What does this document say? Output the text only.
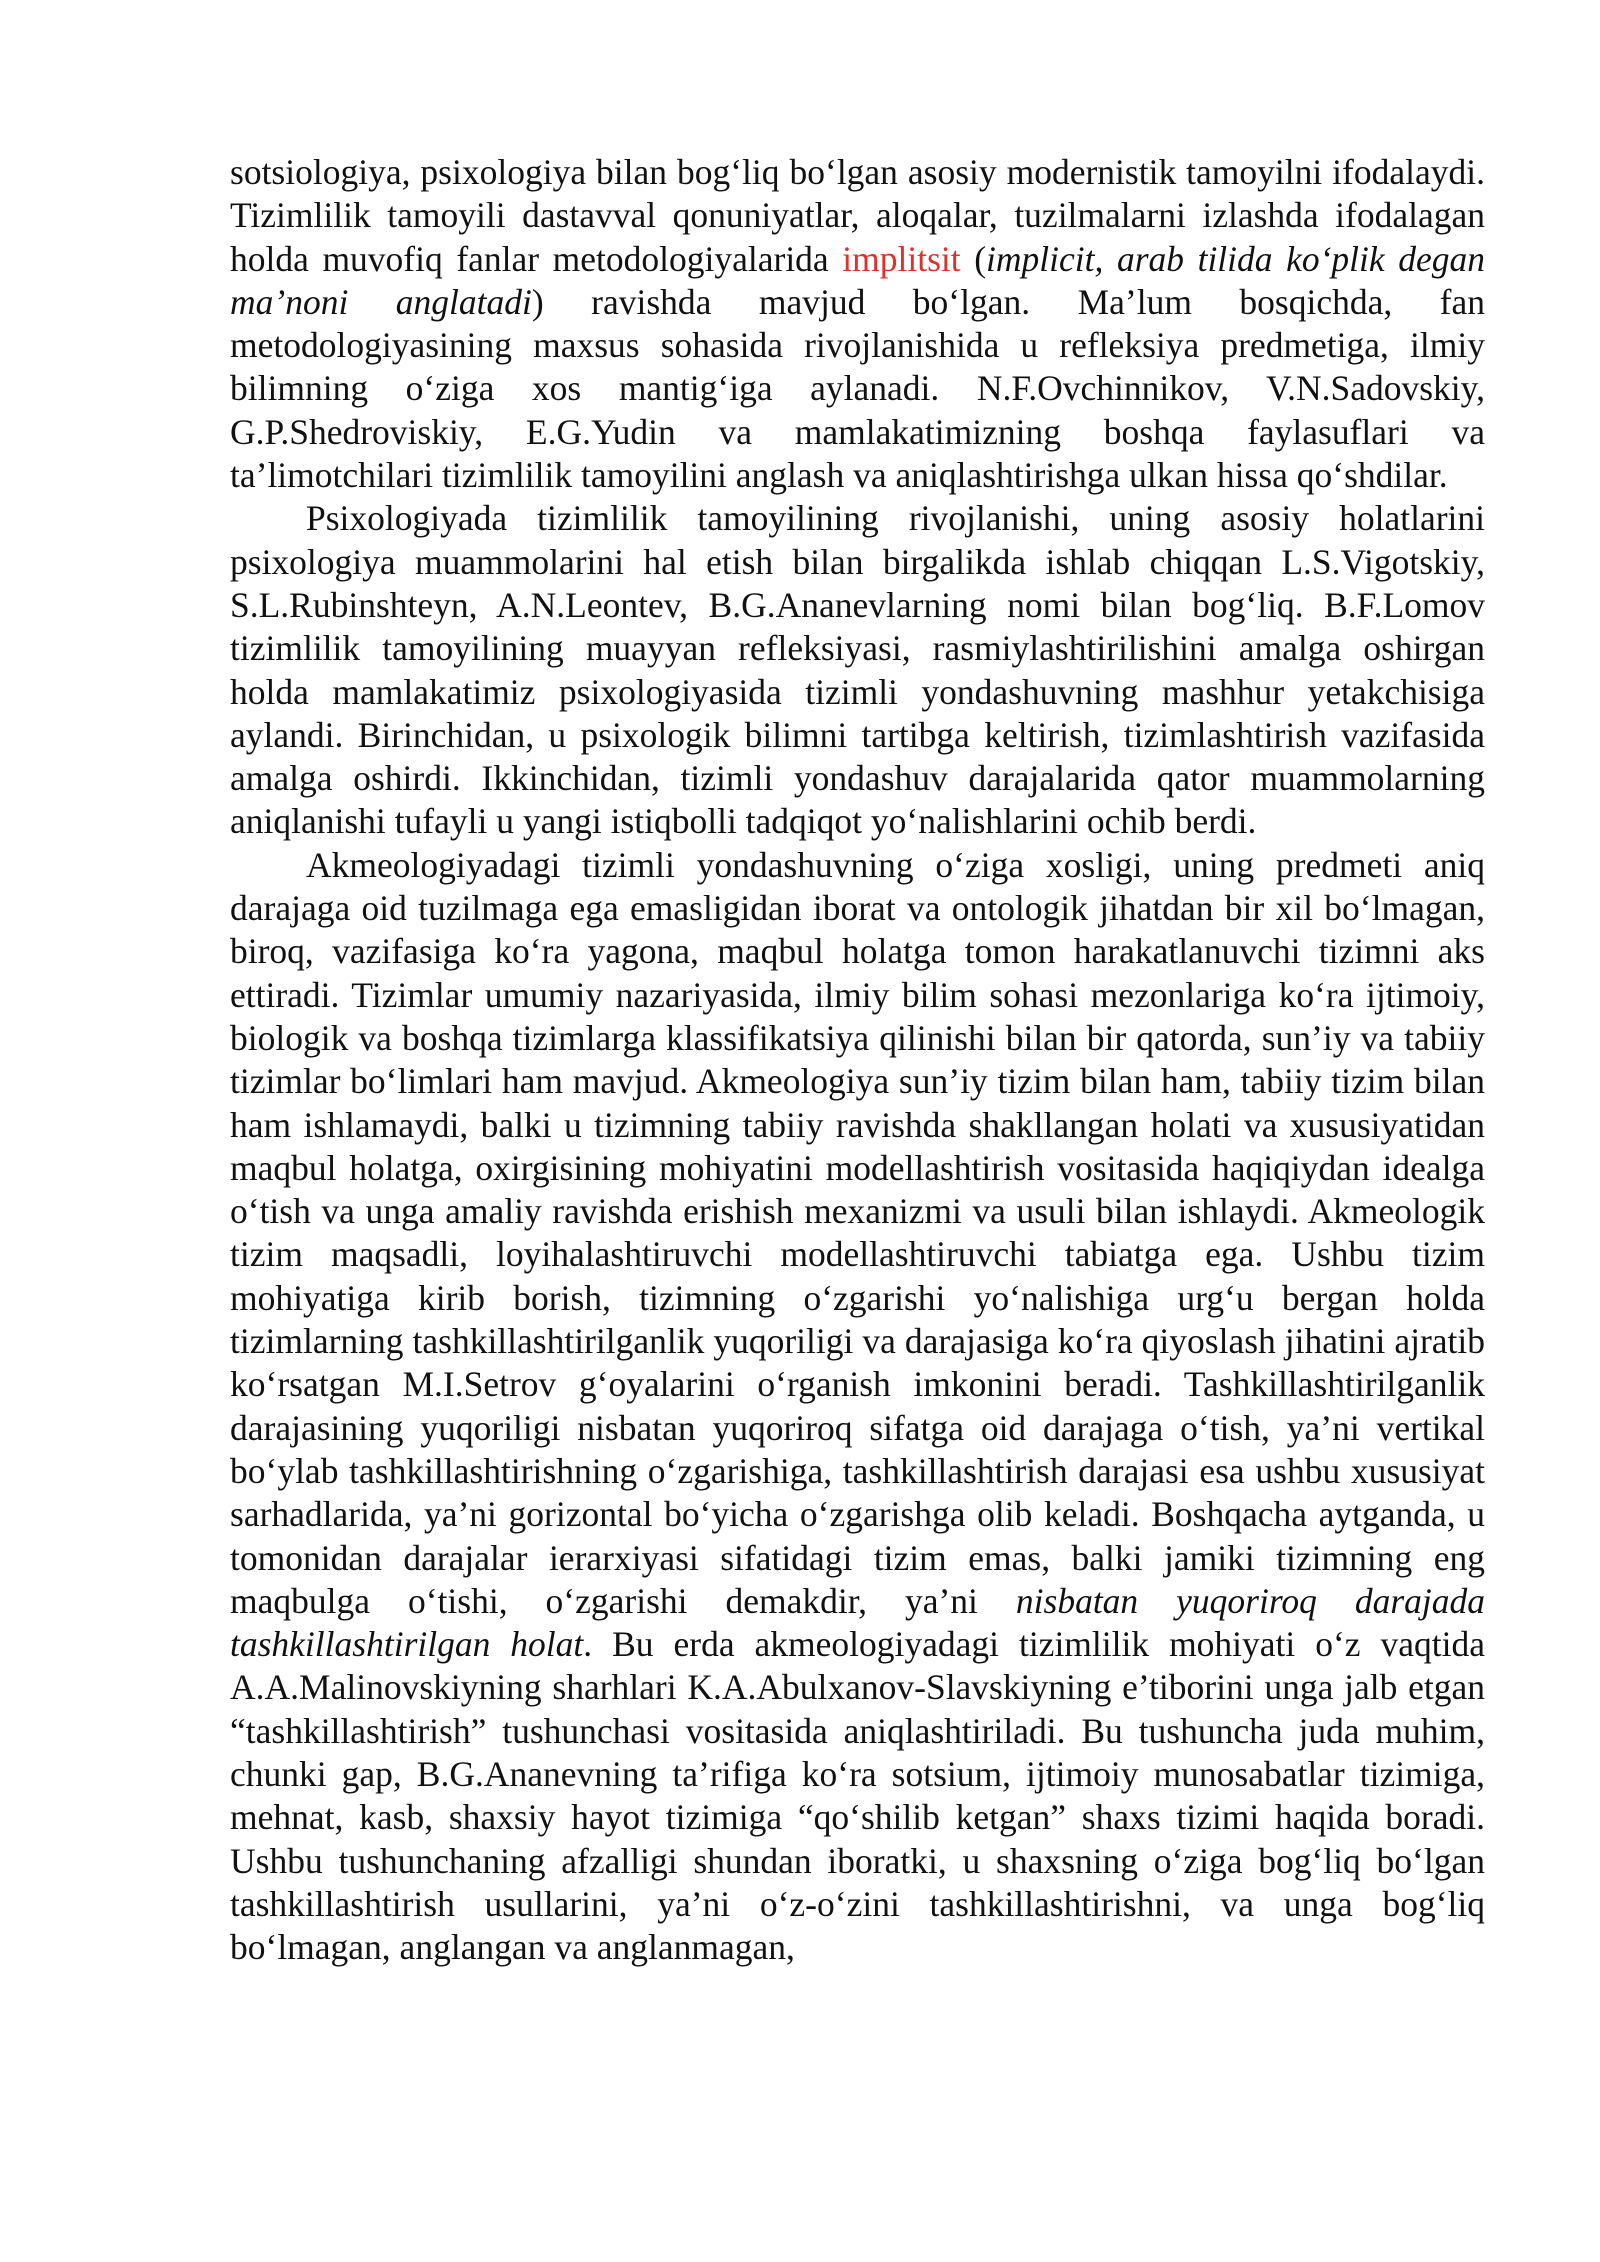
sotsiologiya, psixologiya bilan bog‘liq bo‘lgan asosiy modernistik tamoyilni ifodalaydi. Tizimlilik tamoyili dastavval qonuniyatlar, aloqalar, tuzilmalarni izlashda ifodalagan holda muvofiq fanlar metodologiyalarida implitsit (implicit, arab tilida ko‘plik degan ma’noni anglatadi) ravishda mavjud bo‘lgan. Ma’lum bosqichda, fan metodologiyasining maxsus sohasida rivojlanishida u refleksiya predmetiga, ilmiy bilimning o‘ziga xos mantig‘iga aylanadi. N.F.Ovchinnikov, V.N.Sadovskiy, G.P.Shedroviskiy, E.G.Yudin va mamlakatimizning boshqa faylasuflari va ta’limotchilari tizimlilik tamoyilini anglash va aniqlashtirishga ulkan hissa qo‘shdilar.

Psixologiyada tizimlilik tamoyilining rivojlanishi, uning asosiy holatlarini psixologiya muammolarini hal etish bilan birgalikda ishlab chiqqan L.S.Vigotskiy, S.L.Rubinshteyn, A.N.Leontev, B.G.Ananevlarning nomi bilan bog‘liq. B.F.Lomov tizimlilik tamoyilining muayyan refleksiyasi, rasmiylashtirilishini amalga oshirgan holda mamlakatimiz psixologiyasida tizimli yondashuvning mashhur yetakchisiga aylandi. Birinchidan, u psixologik bilimni tartibga keltirish, tizimlashtirish vazifasida amalga oshirdi. Ikkinchidan, tizimli yondashuv darajalarida qator muammolarning aniqlanishi tufayli u yangi istiqbolli tadqiqot yo‘nalishlarini ochib berdi.

Akmeologiyadagi tizimli yondashuvning o‘ziga xosligi, uning predmeti aniq darajaga oid tuzilmaga ega emasligidan iborat va ontologik jihatdan bir xil bo‘lmagan, biroq, vazifasiga ko‘ra yagona, maqbul holatga tomon harakatlanuvchi tizimni aks ettiradi. Tizimlar umumiy nazariyasida, ilmiy bilim sohasi mezonlariga ko‘ra ijtimoiy, biologik va boshqa tizimlarga klassifikatsiya qilinishi bilan bir qatorda, sun’iy va tabiiy tizimlar bo‘limlari ham mavjud. Akmeologiya sun’iy tizim bilan ham, tabiiy tizim bilan ham ishlamaydi, balki u tizimning tabiiy ravishda shakllangan holati va xususiyatidan maqbul holatga, oxirgisining mohiyatini modellashtirish vositasida haqiqiydan idealga o‘tish va unga amaliy ravishda erishish mexanizmi va usuli bilan ishlaydi. Akmeologik tizim maqsadli, loyihalashtiruvchi modellashtiruvchi tabiatga ega. Ushbu tizim mohiyatiga kirib borish, tizimning o‘zgarishi yo‘nalishiga urg‘u bergan holda tizimlarning tashkillashtirilganlik yuqoriligi va darajasiga ko‘ra qiyoslash jihatini ajratib ko‘rsatgan M.I.Setrov g‘oyalarini o‘rganish imkonini beradi. Tashkillashtirilganlik darajasining yuqoriligi nisbatan yuqoriroq sifatga oid darajaga o‘tish, ya’ni vertikal bo‘ylab tashkillashtirishning o‘zgarishiga, tashkillashtirish darajasi esa ushbu xususiyat sarhadlarida, ya’ni gorizontal bo‘yicha o‘zgarishga olib keladi. Boshqacha aytganda, u tomonidan darajalar ierarxiyasi sifatidagi tizim emas, balki jamiki tizimning eng maqbulga o‘tishi, o‘zgarishi demakdir, ya’ni nisbatan yuqoriroq darajada tashkillashtirilgan holat. Bu erda akmeologiyadagi tizimlilik mohiyati o‘z vaqtida A.A.Malinovskiyning sharhlari K.A.Abulxanov-Slavskiyning e’tiborini unga jalb etgan “tashkillashtirish” tushunchasi vositasida aniqlashtiriladi. Bu tushuncha juda muhim, chunki gap, B.G.Ananevning ta’rifiga ko‘ra sotsium, ijtimoiy munosabatlar tizimiga, mehnat, kasb, shaxsiy hayot tizimiga “qo‘shilib ketgan” shaxs tizimi haqida boradi. Ushbu tushunchaning afzalligi shundan iboratki, u shaxsning o‘ziga bog‘liq bo‘lgan tashkillashtirish usullarini, ya’ni o‘z-o‘zini tashkillashtirishni, va unga bog‘liq bo‘lmagan, anglangan va anglanmagan,
